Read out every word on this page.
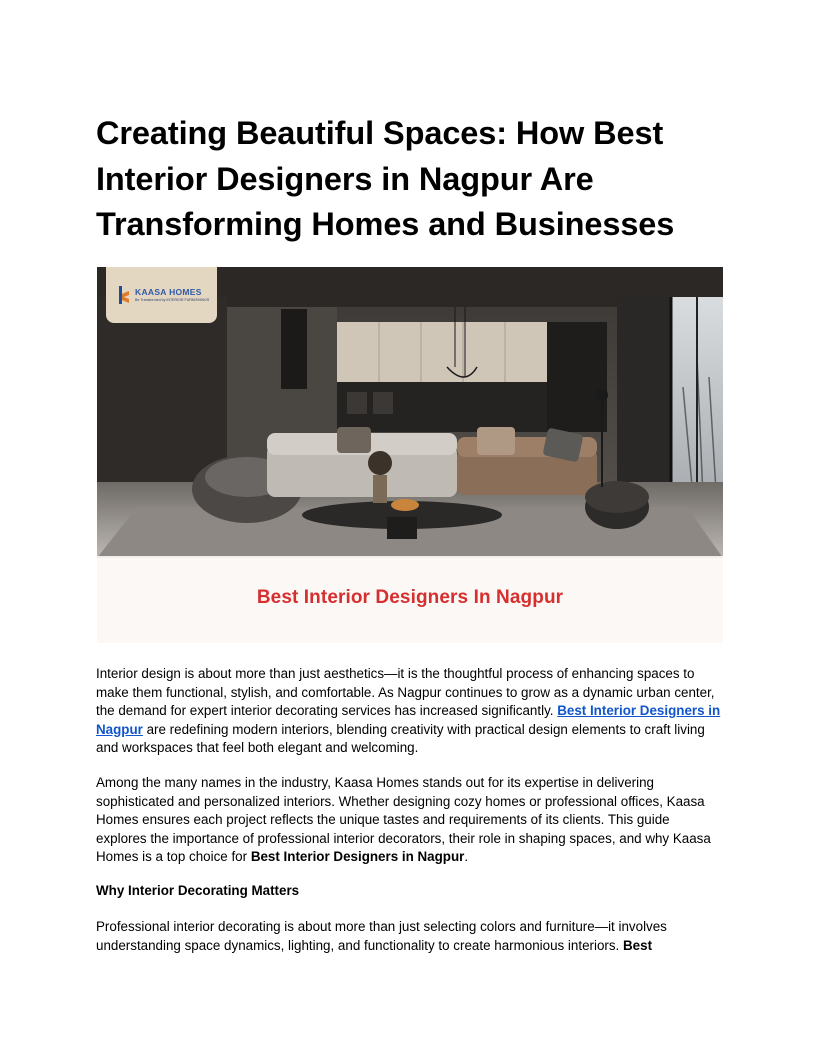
Creating Beautiful Spaces: How Best Interior Designers in Nagpur Are Transforming Homes and Businesses
KAASA HOMES
Be Transformed by INTERIOR FURNISHINGS
Best Interior Designers In Nagpur

Interior design is about more than just aesthetics—it is the thoughtful process of enhancing spaces to make them functional, stylish, and comfortable. As Nagpur continues to grow as a dynamic urban center, the demand for expert interior decorating services has increased significantly. Best Interior Designers in Nagpur are redefining modern interiors, blending creativity with practical design elements to craft living and workspaces that feel both elegant and welcoming.

Among the many names in the industry, Kaasa Homes stands out for its expertise in delivering sophisticated and personalized interiors. Whether designing cozy homes or professional offices, Kaasa Homes ensures each project reflects the unique tastes and requirements of its clients. This guide explores the importance of professional interior decorators, their role in shaping spaces, and why Kaasa Homes is a top choice for Best Interior Designers in Nagpur.

Why Interior Decorating Matters

Professional interior decorating is about more than just selecting colors and furniture—it involves understanding space dynamics, lighting, and functionality to create harmonious interiors. Best
